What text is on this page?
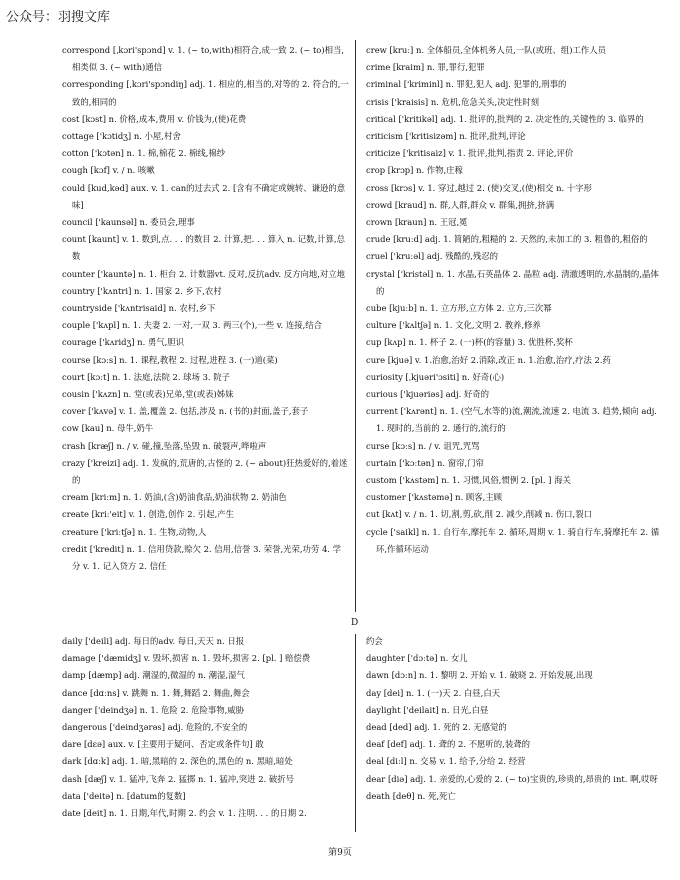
公众号：羽搜文库
correspond [ˌkɔri'spɔnd] v. 1. (~ to,with)相符合,成一致 2. (~ to)相当,相类似 3. (~ with)通信
corresponding [ˌkɔri'spɔndiŋ] adj. 1. 相应的,相当的,对等的 2. 符合的,一致的,相同的
cost [kɔst] n. 价格,成本,费用 v. 价钱为,(使)花费
cottage ['kɔtidʒ] n. 小屋,村舍
cotton ['kɔtən] n. 1. 棉,棉花 2. 棉线,棉纱
cough [kɔf] v. / n. 咳嗽
could [kud,kəd] aux. v. 1. can的过去式 2. [含有不确定或婉转、谦逊的意味]
council ['kaunsəl] n. 委员会,理事
count [kaunt] v. 1. 数到,点. . . 的数目 2. 计算,把. . . 算入 n. 记数,计算,总数
counter ['kauntə] n. 1. 柜台 2. 计数器vt. 反对,反抗adv. 反方向地,对立地
country ['kʌntri] n. 1. 国家 2. 乡下,农村
countryside ['kʌntrisaid] n. 农村,乡下
couple ['kʌpl] n. 1. 夫妻 2. 一对,一双 3. 两三(个),一些 v. 连接,结合
courage ['kʌridʒ] n. 勇气,胆识
course [kɔːs] n. 1. 课程,教程 2. 过程,进程 3. (一)道(菜)
court [kɔːt] n. 1. 法庭,法院 2. 球场 3. 院子
cousin ['kʌzn] n. 堂(或表)兄弟,堂(或表)姊妹
cover ['kʌvə] v. 1. 盖,覆盖 2. 包括,涉及 n. (书的)封面,盖子,套子
cow [kau] n. 母牛,奶牛
crash [kræʃ] n. / v. 碰,撞,坠落,坠毁 n. 破裂声,哗啦声
crazy ['kreizi] adj. 1. 发疯的,荒唐的,古怪的 2. (~ about)狂热爱好的,着迷的
cream [kriːm] n. 1. 奶油,(含)奶油食品,奶油状物 2. 奶油色
create [kriː'eit] v. 1. 创造,创作 2. 引起,产生
creature ['kriːtʃə] n. 1. 生物,动物,人
credit ['kredit] n. 1. 信用贷款,赊欠 2. 信用,信誉 3. 荣誉,光荣,功劳 4. 学分 v. 1. 记入贷方 2. 信任
crew [kruː] n. 全体船员,全体机务人员,一队(或班、组)工作人员
crime [kraim] n. 罪,罪行,犯罪
criminal ['kriminl] n. 罪犯,犯人 adj. 犯罪的,刑事的
crisis ['kraisis] n. 危机,危急关头,决定性时刻
critical ['kritikəl] adj. 1. 批评的,批判的 2. 决定性的,关键性的 3. 临界的
criticism ['kritisizəm] n. 批评,批判,评论
criticize ['kritisaiz] v. 1. 批评,批判,指责 2. 评论,评价
crop [krɔp] n. 作物,庄稼
cross [krɔs] v. 1. 穿过,越过 2. (使)交叉,(使)相交 n. 十字形
crowd [kraud] n. 群,人群,群众 v. 群集,拥挤,挤满
crown [kraun] n. 王冠,冕
crude [kruːd] adj. 1. 简陋的,粗糙的 2. 天然的,未加工的 3. 粗鲁的,粗俗的
cruel ['kruːəl] adj. 残酷的,残忍的
crystal ['kristəl] n. 1. 水晶,石英晶体 2. 晶粒 adj. 清澈透明的,水晶制的,晶体的
cube [kjuːb] n. 1. 立方形,立方体 2. 立方,三次幂
culture ['kʌltʃə] n. 1. 文化,文明 2. 教养,修养
cup [kʌp] n. 1. 杯子 2. (一)杯(的容量) 3. 优胜杯,奖杯
cure [kjuə] v. 1.治愈,治好 2.消除,改正 n. 1.治愈,治疗,疗法 2.药
curiosity [ˌkjuəri'ɔsiti] n. 好奇(心)
curious ['kjuəriəs] adj. 好奇的
current ['kʌrənt] n. 1. (空气,水等的)流,潮流,流速 2. 电流 3. 趋势,倾向 adj. 1. 现时的,当前的 2. 通行的,流行的
curse [kɔːs] n. / v. 诅咒,咒骂
curtain ['kɔːtən] n. 窗帘,门帘
custom ['kʌstəm] n. 1. 习惯,风俗,惯例 2. [pl. ] 海关
customer ['kʌstəmə] n. 顾客,主顾
cut [kʌt] v. / n. 1. 切,割,剪,砍,削 2. 减少,削减 n. 伤口,裂口
cycle ['saikl] n. 1. 自行车,摩托车 2. 循环,周期 v. 1. 骑自行车,骑摩托车 2. 循环,作循环运动
D
daily ['deili] adj. 每日的adv. 每日,天天 n. 日报
damage ['dæmidʒ] v. 毁坏,损害 n. 1. 毁坏,损害 2. [pl. ] 赔偿费
damp [dæmp] adj. 潮湿的,微湿的 n. 潮湿,湿气
dance [dɑːns] v. 跳舞 n. 1. 舞,舞蹈 2. 舞曲,舞会
danger ['deindʒə] n. 1. 危险 2. 危险事物,威胁
dangerous ['deindʒərəs] adj. 危险的,不安全的
dare [dɛə] aux. v. [主要用于疑问、否定或条件句] 敢
dark [dɑːk] adj. 1. 暗,黑暗的 2. 深色的,黑色的 n. 黑暗,暗处
dash [dæʃ] v. 1. 猛冲,飞奔 2. 猛掷 n. 1. 猛冲,突进 2. 破折号
data ['deitə] n. [datum的复数]
date [deit] n. 1. 日期,年代,时期 2. 约会 v. 1. 注明. . . 的日期 2.
约会
daughter ['dɔːtə] n. 女儿
dawn [dɔːn] n. 1. 黎明 2. 开始 v. 1. 破晓 2. 开始发展,出现
day [dei] n. 1. (一)天 2. 白昼,白天
daylight ['deilait] n. 日光,白昼
dead [ded] adj. 1. 死的 2. 无感觉的
deaf [def] adj. 1. 聋的 2. 不愿听的,装聋的
deal [diːl] n. 交易 v. 1. 给予,分给 2. 经营
dear [diə] adj. 1. 亲爱的,心爱的 2. (~ to)宝贵的,珍贵的,昂贵的 int. 啊,哎呀
death [deθ] n. 死,死亡
第9页
